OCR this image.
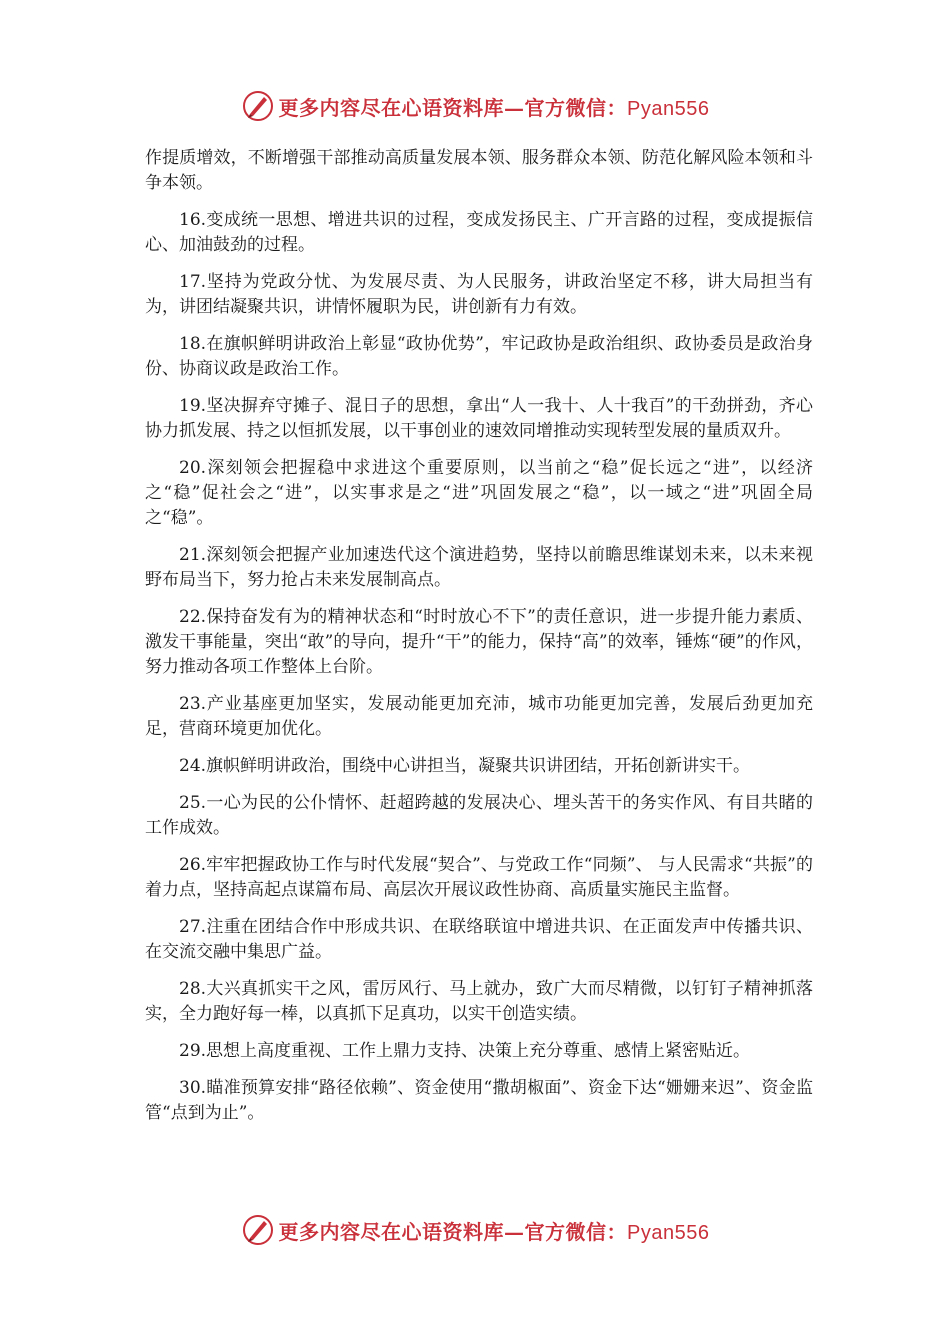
更多内容尽在心语资料库—官方微信：Pyan556

作提质增效，不断增强干部推动高质量发展本领、服务群众本领、防范化解风险本领和斗争本领。

16.变成统一思想、增进共识的过程，变成发扬民主、广开言路的过程，变成提振信心、加油鼓劲的过程。

17.坚持为党政分忧、为发展尽责、为人民服务，讲政治坚定不移，讲大局担当有为，讲团结凝聚共识，讲情怀履职为民，讲创新有力有效。

18.在旗帜鲜明讲政治上彰显“政协优势”，牢记政协是政治组织、政协委员是政治身份、协商议政是政治工作。

19.坚决摒弃守摊子、混日子的思想，拿出“人一我十、人十我百”的干劲拼劲，齐心协力抓发展、持之以恒抓发展，以干事创业的速效同增推动实现转型发展的量质双升。

20.深刻领会把握稳中求进这个重要原则，以当前之“稳”促长远之“进”，以经济之“稳”促社会之“进”，以实事求是之“进”巩固发展之“稳”，以一域之“进”巩固全局之“稳”。

21.深刻领会把握产业加速迭代这个演进趋势，坚持以前瞻思维谋划未来，以未来视野布局当下，努力抢占未来发展制高点。

22.保持奋发有为的精神状态和“时时放心不下”的责任意识，进一步提升能力素质、激发干事能量，突出“敢”的导向，提升“干”的能力，保持“高”的效率，锤炼“硬”的作风，努力推动各项工作整体上台阶。

23.产业基座更加坚实，发展动能更加充沛，城市功能更加完善，发展后劲更加充足，营商环境更加优化。

24.旗帜鲜明讲政治，围绕中心讲担当，凝聚共识讲团结，开拓创新讲实干。

25.一心为民的公仆情怀、赶超跨越的发展决心、埋头苦干的务实作风、有目共睹的工作成效。

26.牢牢把握政协工作与时代发展“契合”、与党政工作“同频”、 与人民需求“共振”的着力点，坚持高起点谋篇布局、高层次开展议政性协商、高质量实施民主监督。

27.注重在团结合作中形成共识、在联络联谊中增进共识、在正面发声中传播共识、在交流交融中集思广益。

28.大兴真抓实干之风，雷厉风行、马上就办，致广大而尽精微，以钉钉子精神抓落实，全力跑好每一棒，以真抓下足真功，以实干创造实绩。

29.思想上高度重视、工作上鼎力支持、决策上充分尊重、感情上紧密贴近。

30.瞄准预算安排“路径依赖”、资金使用“撒胡椒面”、资金下达“姗姗来迟”、资金监管“点到为止”。

更多内容尽在心语资料库—官方微信：Pyan556
